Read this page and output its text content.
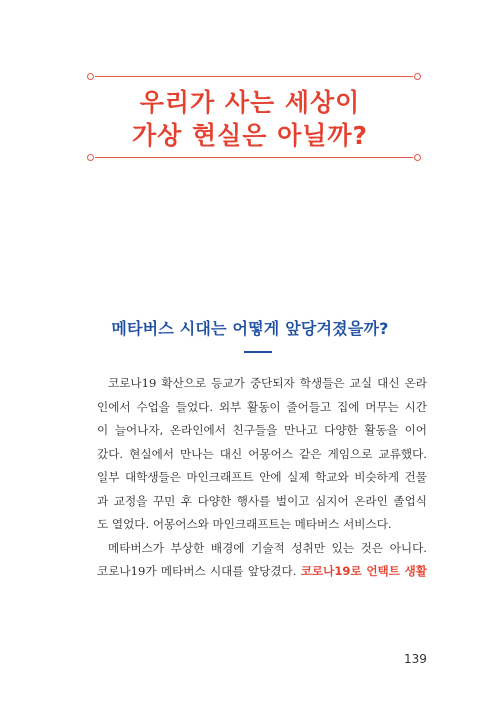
우리가 사는 세상이
가상 현실은 아닐까?
메타버스 시대는 어떻게 앞당겨졌을까?
코로나19 확산으로 등교가 중단되자 학생들은 교실 대신 온라
인에서 수업을 들었다. 외부 활동이 줄어들고 집에 머무는 시간
이 늘어나자, 온라인에서 친구들을 만나고 다양한 활동을 이어
갔다. 현실에서 만나는 대신 어몽어스 같은 게임으로 교류했다.
일부 대학생들은 마인크래프트 안에 실제 학교와 비슷하게 건물
과 교정을 꾸민 후 다양한 행사를 벌이고 심지어 온라인 졸업식
도 열었다. 어몽어스와 마인크래프트는 메타버스 서비스다.
메타버스가 부상한 배경에 기술적 성취만 있는 것은 아니다.
코로나19가 메타버스 시대를 앞당겼다. 코로나19로 언택트 생활
139
